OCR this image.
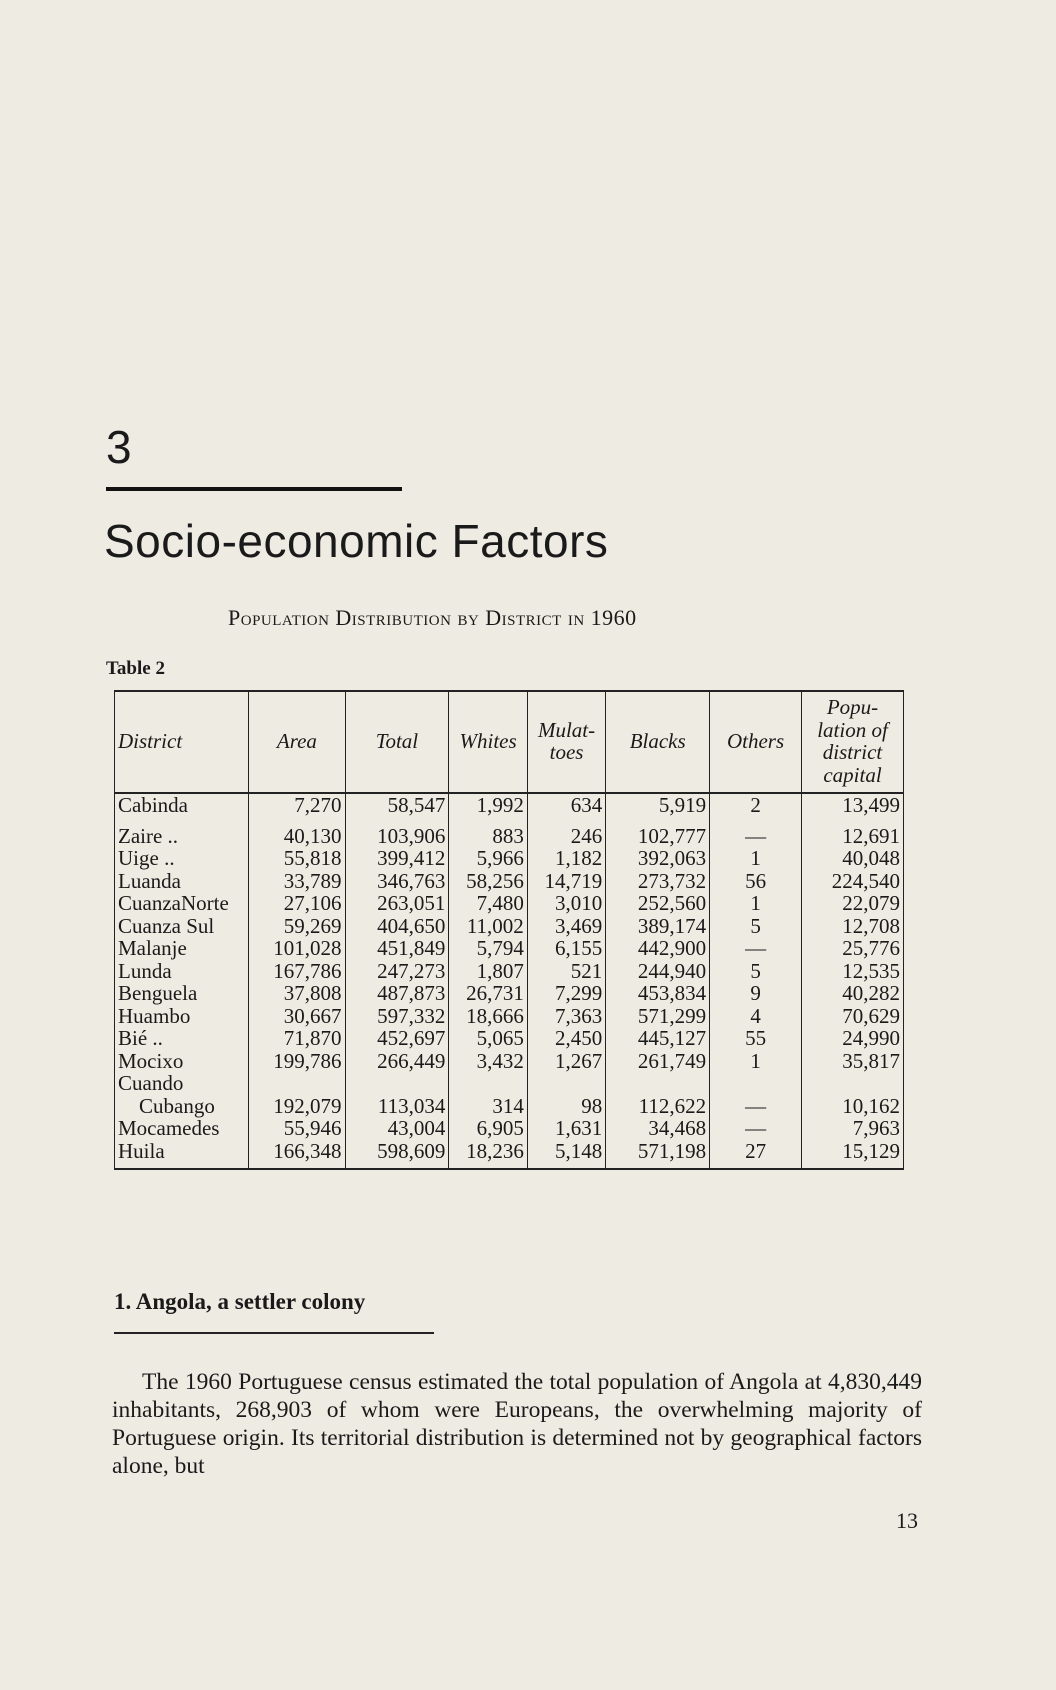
3
Socio-economic Factors
Population Distribution by District in 1960
Table 2
District	Area	Total	Whites	Mulat-toes	Blacks	Others	Popu-lation of district capital
Cabinda	7,270	58,547	1,992	634	5,919	2	13,499
Zaire ..	40,130	103,906	883	246	102,777	—	12,691
Uige ..	55,818	399,412	5,966	1,182	392,063	1	40,048
Luanda	33,789	346,763	58,256	14,719	273,732	56	224,540
CuanzaNorte	27,106	263,051	7,480	3,010	252,560	1	22,079
Cuanza Sul	59,269	404,650	11,002	3,469	389,174	5	12,708
Malanje	101,028	451,849	5,794	6,155	442,900	—	25,776
Lunda	167,786	247,273	1,807	521	244,940	5	12,535
Benguela	37,808	487,873	26,731	7,299	453,834	9	40,282
Huambo	30,667	597,332	18,666	7,363	571,299	4	70,629
Bié ..	71,870	452,697	5,065	2,450	445,127	55	24,990
Mocixo	199,786	266,449	3,432	1,267	261,749	1	35,817
Cuando							
Cubango	192,079	113,034	314	98	112,622	—	10,162
Mocamedes	55,946	43,004	6,905	1,631	34,468	—	7,963
Huila	166,348	598,609	18,236	5,148	571,198	27	15,129
1. Angola, a settler colony

The 1960 Portuguese census estimated the total population of Angola at 4,830,449 inhabitants, 268,903 of whom were Europeans, the overwhelming majority of Portuguese origin. Its territorial distribution is determined not by geographical factors alone, but

13
